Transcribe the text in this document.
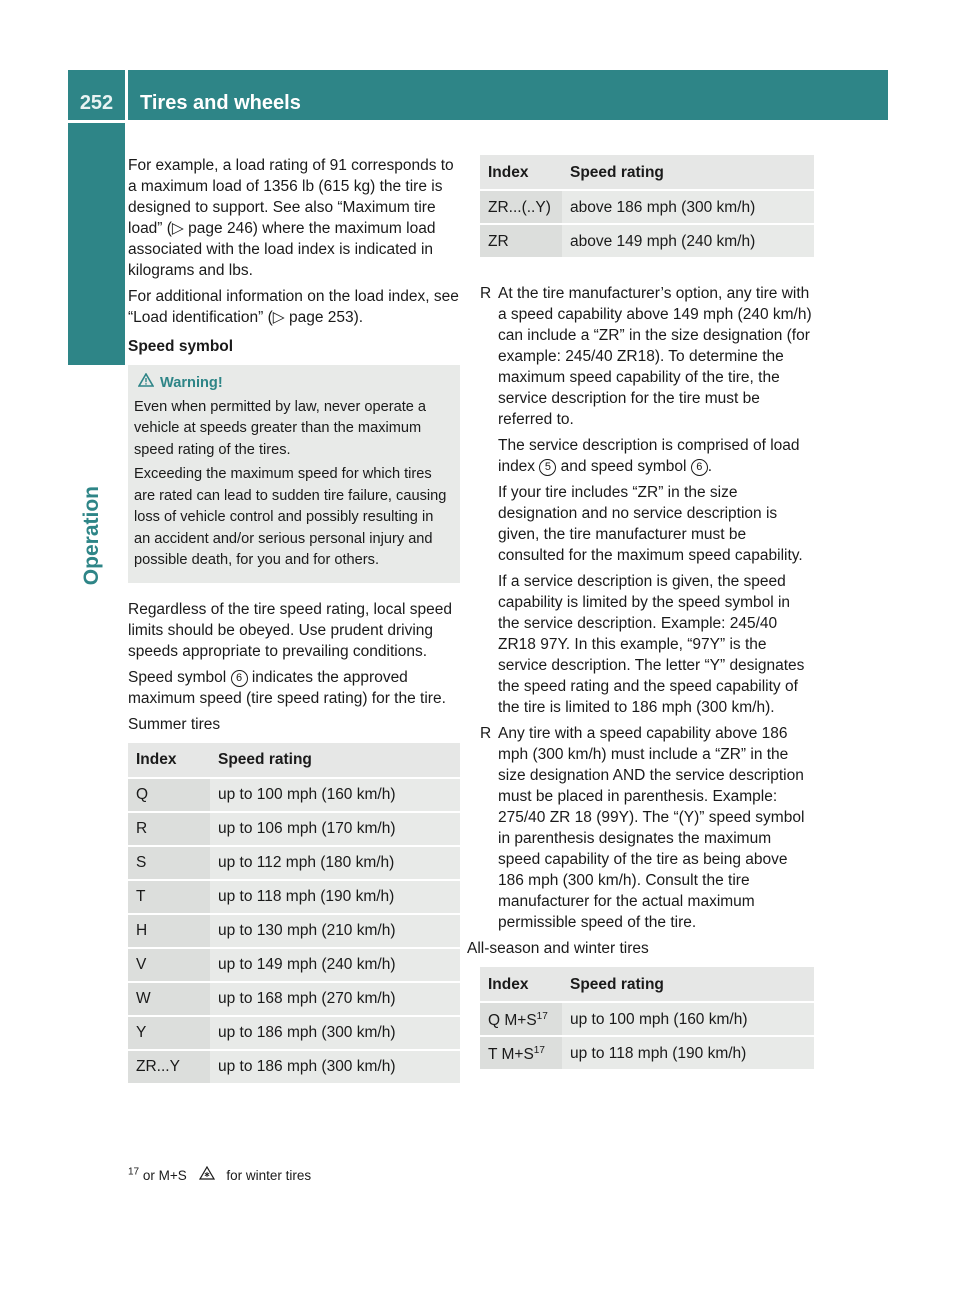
252	Tires and wheels
Operation

For example, a load rating of 91 corresponds to a maximum load of 1356 lb (615 kg) the tire is designed to support. See also “Maximum tire load” (▷ page 246) where the maximum load associated with the load index is indicated in kilograms and lbs.

For additional information on the load index, see “Load identification” (▷ page 253).

Speed symbol

Warning!

Even when permitted by law, never operate a vehicle at speeds greater than the maximum speed rating of the tires.

Exceeding the maximum speed for which tires are rated can lead to sudden tire failure, causing loss of vehicle control and possibly resulting in an accident and/or serious personal injury and possible death, for you and for others.

Regardless of the tire speed rating, local speed limits should be obeyed. Use prudent driving speeds appropriate to prevailing conditions.

Speed symbol 6 indicates the approved maximum speed (tire speed rating) for the tire.

Summer tires

Index	Speed rating
Q	up to 100 mph (160 km/h)
R	up to 106 mph (170 km/h)
S	up to 112 mph (180 km/h)
T	up to 118 mph (190 km/h)
H	up to 130 mph (210 km/h)
V	up to 149 mph (240 km/h)
W	up to 168 mph (270 km/h)
Y	up to 186 mph (300 km/h)
ZR...Y	up to 186 mph (300 km/h)
Index	Speed rating
ZR...(..Y)	above 186 mph (300 km/h)
ZR	above 149 mph (240 km/h)
R At the tire manufacturer’s option, any tire with a speed capability above 149 mph (240 km/h) can include a “ZR” in the size designation (for example: 245/40 ZR18). To determine the maximum speed capability of the tire, the service description for the tire must be referred to.

The service description is comprised of load index 5 and speed symbol 6 .

If your tire includes “ZR” in the size designation and no service description is given, the tire manufacturer must be consulted for the maximum speed capability.

If a service description is given, the speed capability is limited by the speed symbol in the service description. Example: 245/40 ZR18 97Y. In this example, “97Y” is the service description. The letter “Y” designates the speed rating and the speed capability of the tire is limited to 186 mph (300 km/h).

R Any tire with a speed capability above 186 mph (300 km/h) must include a “ZR” in the size designation AND the service description must be placed in parenthesis. Example: 275/40 ZR 18 (99Y). The “(Y)” speed symbol in parenthesis designates the maximum speed capability of the tire as being above 186 mph (300 km/h). Consult the tire manufacturer for the actual maximum permissible speed of the tire.

All-season and winter tires

Index	Speed rating
Q $M+S^{17}$	up to 100 mph (160 km/h)
T $M+S^{17}$	up to 118 mph (190 km/h)
$^{17}$ or M+S	for winter tires
